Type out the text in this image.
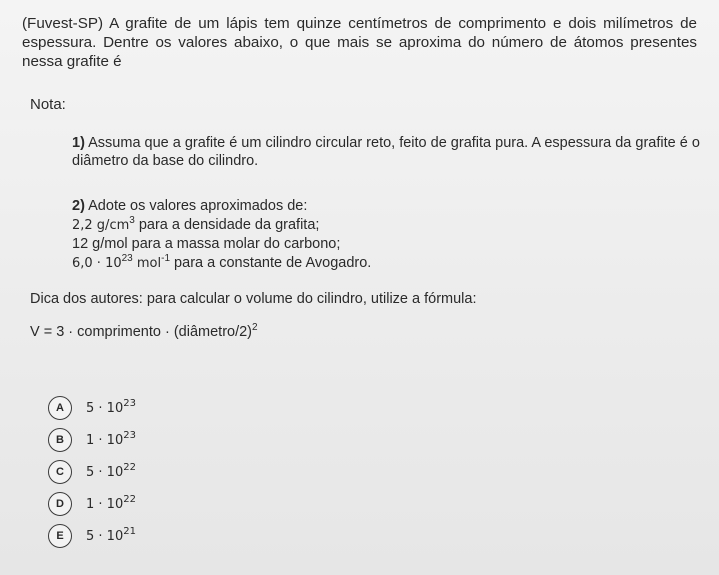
(Fuvest-SP) A grafite de um lápis tem quinze centímetros de comprimento e dois milímetros de espessura. Dentre os valores abaixo, o que mais se aproxima do número de átomos presentes nessa grafite é
Nota:
1) Assuma que a grafite é um cilindro circular reto, feito de grafita pura. A espessura da grafite é o diâmetro da base do cilindro.
2) Adote os valores aproximados de:
2,2 $g/cm^3$ para a densidade da grafita;
12 g/mol para a massa molar do carbono;
$6,0 \cdot 10^{23}$ mol$^{-1}$ para a constante de Avogadro.
Dica dos autores: para calcular o volume do cilindro, utilize a fórmula:
V = 3 · comprimento · (diâmetro/2)$^2$
A	$5 \cdot 10^{23}$
B	$1 \cdot 10^{23}$
C	$5 \cdot 10^{22}$
D	$1 \cdot 10^{22}$
E	$5 \cdot 10^{21}$
